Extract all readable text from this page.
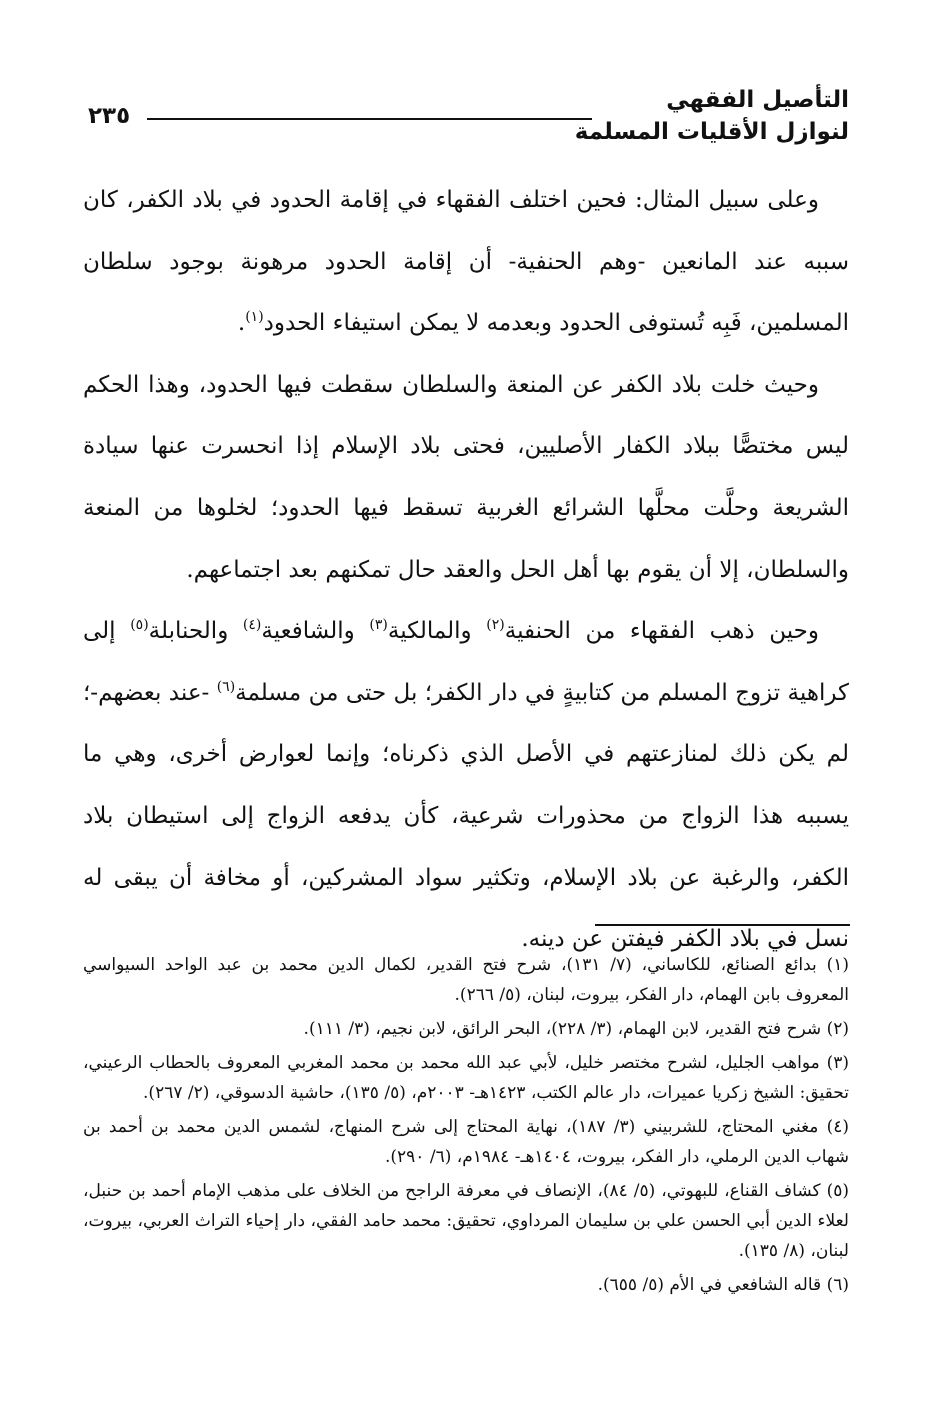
التأصيل الفقهي
لنوازل الأقليات المسلمة
٢٣٥

وعلى سبيل المثال: فحين اختلف الفقهاء في إقامة الحدود في بلاد الكفر، كان سببه عند المانعين -وهم الحنفية- أن إقامة الحدود مرهونة بوجود سلطان المسلمين، فَبِه تُستوفى الحدود وبعدمه لا يمكن استيفاء الحدود$^{(١)}$.

وحيث خلت بلاد الكفر عن المنعة والسلطان سقطت فيها الحدود، وهذا الحكم ليس مختصًّا ببلاد الكفار الأصليين، فحتى بلاد الإسلام إذا انحسرت عنها سيادة الشريعة وحلَّت محلَّها الشرائع الغربية تسقط فيها الحدود؛ لخلوها من المنعة والسلطان، إلا أن يقوم بها أهل الحل والعقد حال تمكنهم بعد اجتماعهم.

وحين ذهب الفقهاء من الحنفية$^{(٢)}$ والمالكية$^{(٣)}$ والشافعية$^{(٤)}$ والحنابلة$^{(٥)}$ إلى كراهية تزوج المسلم من كتابيةٍ في دار الكفر؛ بل حتى من مسلمة$^{(٦)}$ -عند بعضهم-؛ لم يكن ذلك لمنازعتهم في الأصل الذي ذكرناه؛ وإنما لعوارض أخرى، وهي ما يسببه هذا الزواج من محذورات شرعية، كأن يدفعه الزواج إلى استيطان بلاد الكفر، والرغبة عن بلاد الإسلام، وتكثير سواد المشركين، أو مخافة أن يبقى له نسل في بلاد الكفر فيفتن عن دينه.

(١) بدائع الصنائع، للكاساني، (٧/ ١٣١)، شرح فتح القدير، لكمال الدين محمد بن عبد الواحد السيواسي المعروف بابن الهمام، دار الفكر، بيروت، لبنان، (٥/ ٢٦٦).

(٢) شرح فتح القدير، لابن الهمام، (٣/ ٢٢٨)، البحر الرائق، لابن نجيم، (٣/ ١١١).

(٣) مواهب الجليل، لشرح مختصر خليل، لأبي عبد الله محمد بن محمد المغربي المعروف بالحطاب الرعيني، تحقيق: الشيخ زكريا عميرات، دار عالم الكتب، ١٤٢٣هـ- ٢٠٠٣م، (٥/ ١٣٥)، حاشية الدسوقي، (٢/ ٢٦٧).

(٤) مغني المحتاج، للشربيني (٣/ ١٨٧)، نهاية المحتاج إلى شرح المنهاج، لشمس الدين محمد بن أحمد بن شهاب الدين الرملي، دار الفكر، بيروت، ١٤٠٤هـ- ١٩٨٤م، (٦/ ٢٩٠).

(٥) كشاف القناع، للبهوتي، (٥/ ٨٤)، الإنصاف في معرفة الراجح من الخلاف على مذهب الإمام أحمد بن حنبل، لعلاء الدين أبي الحسن علي بن سليمان المرداوي، تحقيق: محمد حامد الفقي، دار إحياء التراث العربي، بيروت، لبنان، (٨/ ١٣٥).

(٦) قاله الشافعي في الأم (٥/ ٦٥٥).
